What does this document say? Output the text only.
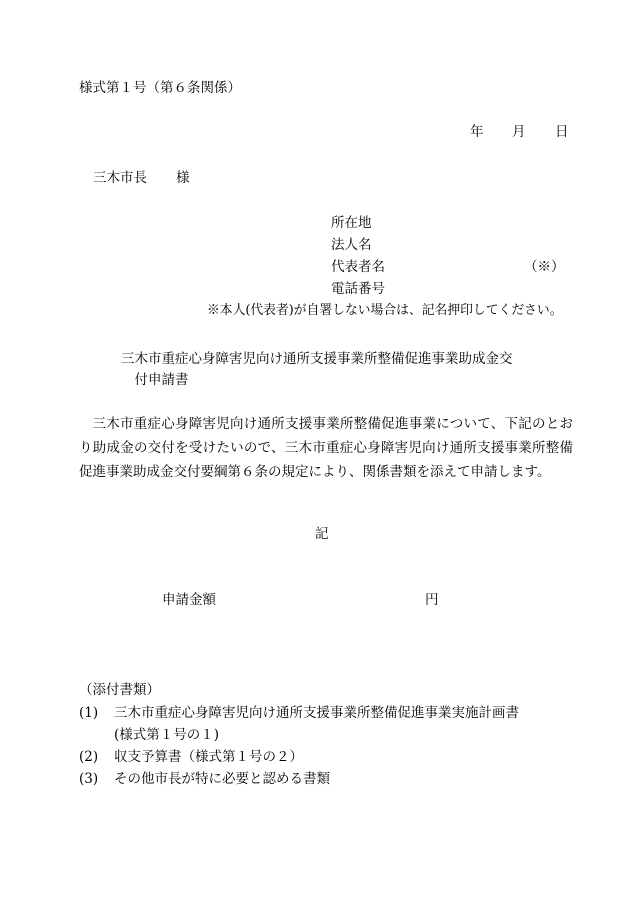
様式第１号（第６条関係）
年 月 日
三木市長 様
所在地
法人名
代表者名	（※）
電話番号
※本人(代表者)が自署しない場合は、記名押印してください。
三木市重症心身障害児向け通所支援事業所整備促進事業助成金交
付申請書
三木市重症心身障害児向け通所支援事業所整備促進事業について、下記のとおり助成金の交付を受けたいので、三木市重症心身障害児向け通所支援事業所整備促進事業助成金交付要綱第６条の規定により、関係書類を添えて申請します。
記
申請金額	円
（添付書類）
(1) 三木市重症心身障害児向け通所支援事業所整備促進事業実施計画書
(様式第１号の１)
(2) 収支予算書（様式第１号の２）
(3) その他市長が特に必要と認める書類
